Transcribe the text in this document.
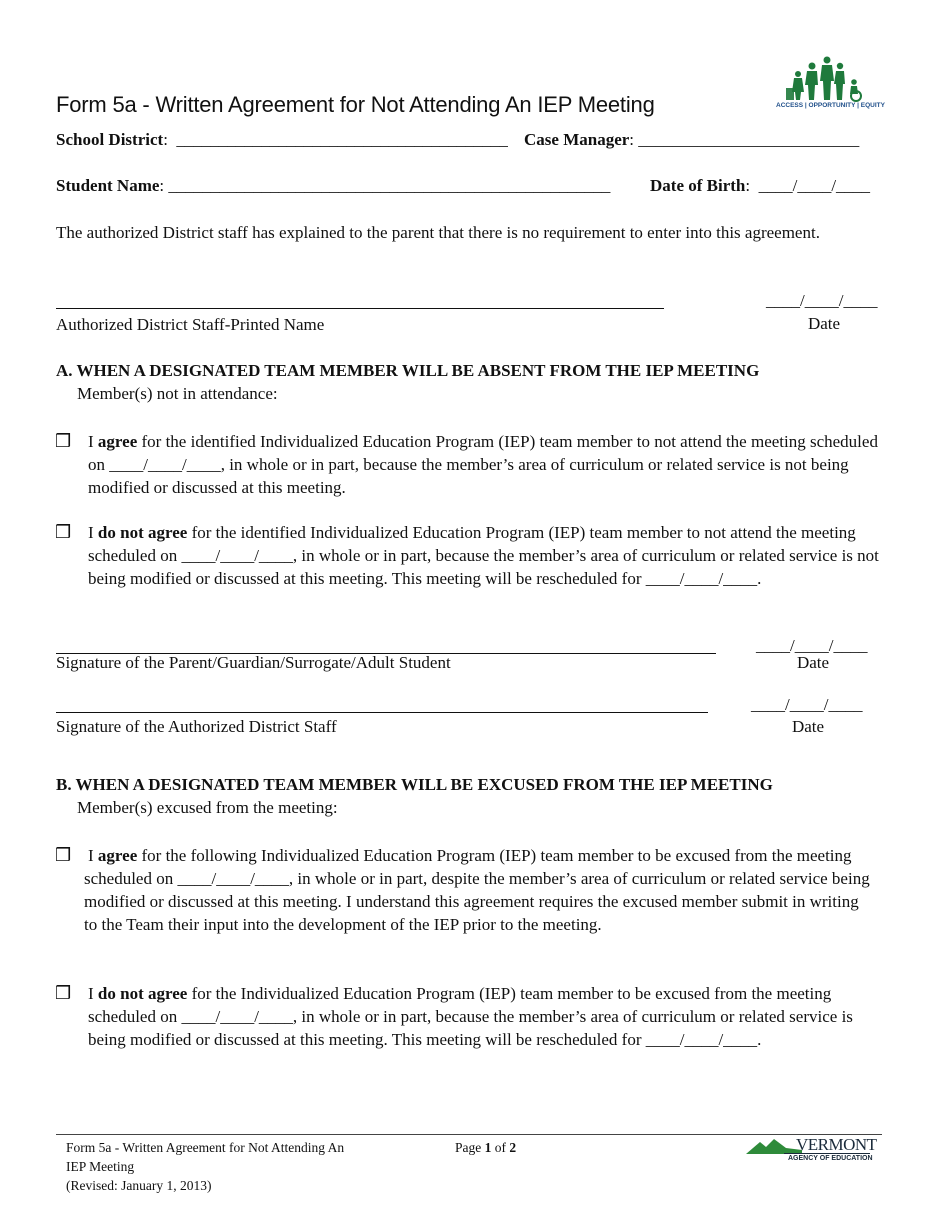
Form 5a - Written Agreement for Not Attending An IEP Meeting	ACCESS | OPPORTUNITY | EQUITY
School District:  _______________________________________ Case Manager: __________________________
Student Name: ____________________________________________________ Date of Birth:  ____/____/____
The authorized District staff has explained to the parent that there is no requirement to enter into this agreement.
Authorized District Staff-Printed Name
____/____/____
Date
A. WHEN A DESIGNATED TEAM MEMBER WILL BE ABSENT FROM THE IEP MEETING
Member(s) not in attendance:
❒ I agree for the identified Individualized Education Program (IEP) team member to not attend the meeting scheduled on ____/____/____, in whole or in part, because the member’s area of curriculum or related service is not being modified or discussed at this meeting.
❒ I do not agree for the identified Individualized Education Program (IEP) team member to not attend the meeting scheduled on ____/____/____, in whole or in part, because the member’s area of curriculum or related service is not being modified or discussed at this meeting. This meeting will be rescheduled for ____/____/____.
Signature of the Parent/Guardian/Surrogate/Adult Student
____/____/____
Date
Signature of the Authorized District Staff
____/____/____
Date
B. WHEN A DESIGNATED TEAM MEMBER WILL BE EXCUSED FROM THE IEP MEETING
Member(s) excused from the meeting:
❒ I agree for the following Individualized Education Program (IEP) team member to be excused from the meeting scheduled on ____/____/____, in whole or in part, despite the member’s area of curriculum or related service being modified or discussed at this meeting. I understand this agreement requires the excused member submit in writing to the Team their input into the development of the IEP prior to the meeting.
❒ I do not agree for the Individualized Education Program (IEP) team member to be excused from the meeting scheduled on ____/____/____, in whole or in part, because the member’s area of curriculum or related service is being modified or discussed at this meeting. This meeting will be rescheduled for ____/____/____.
Form 5a - Written Agreement for Not Attending An
IEP Meeting
(Revised: January 1, 2013)
Page 1 of 2	VERMONT
AGENCY OF EDUCATION
